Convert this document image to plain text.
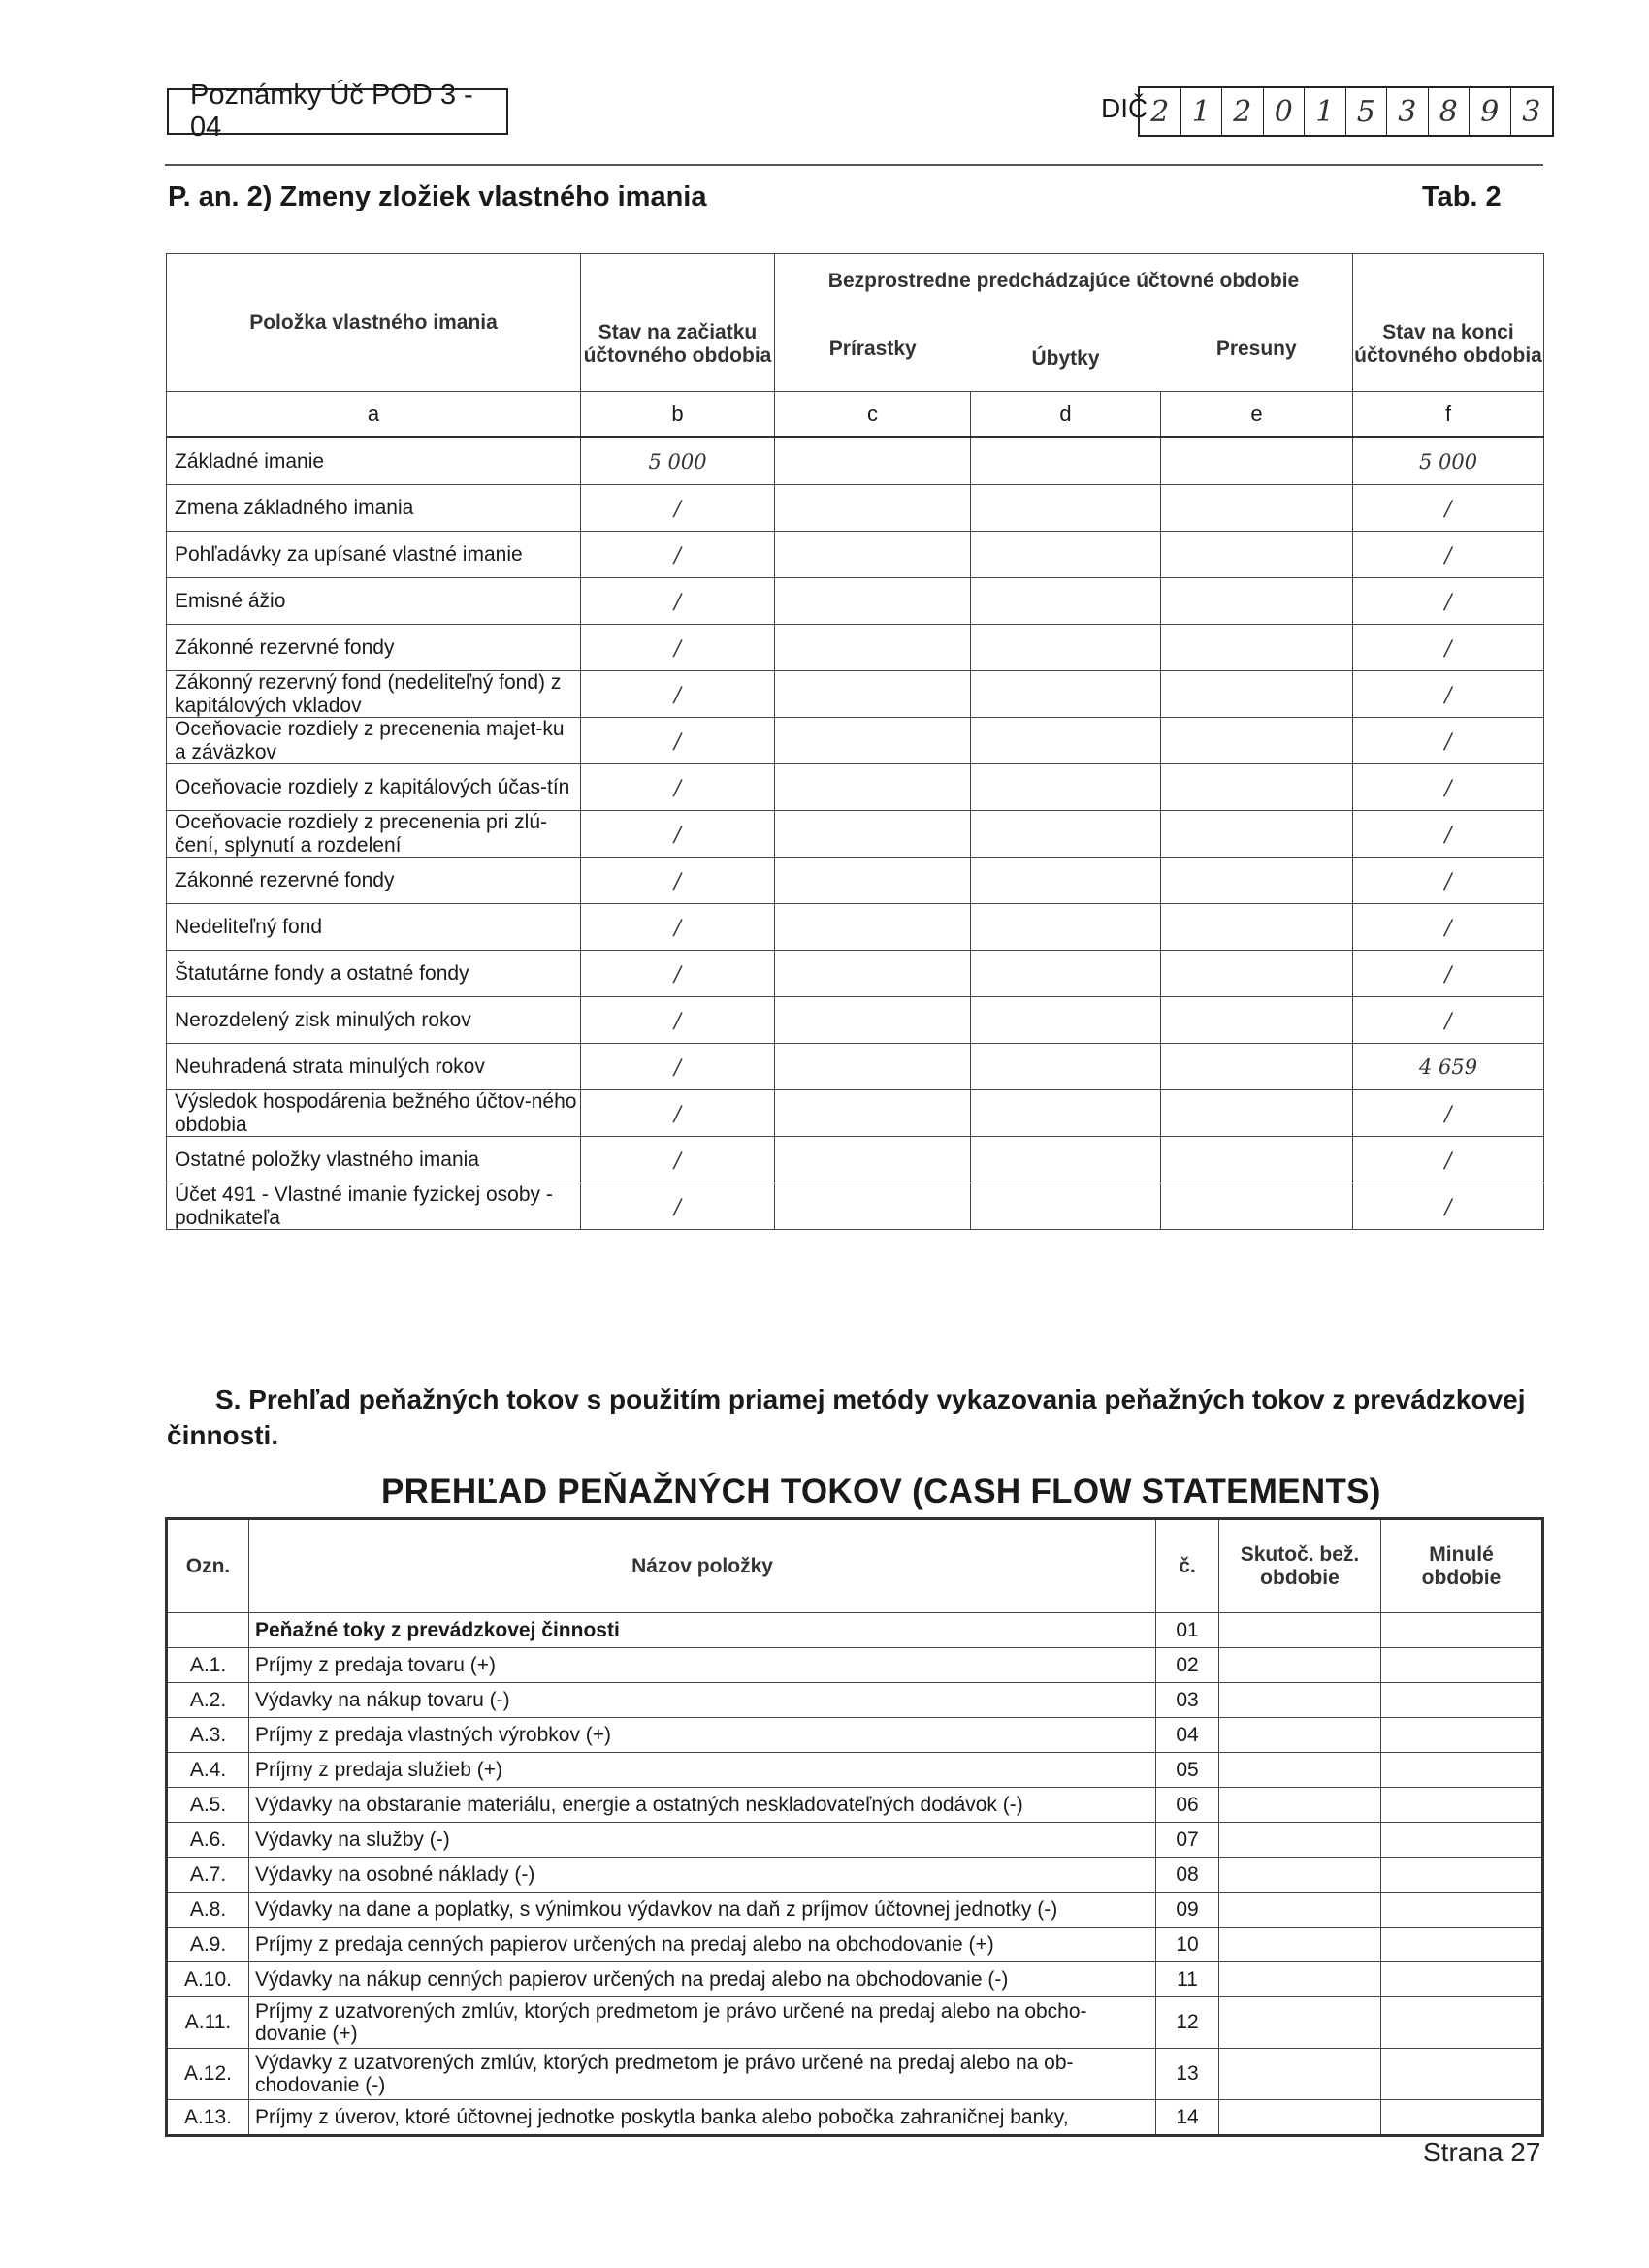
Poznámky Úč POD 3 - 04
DIČ 2 1 2 0 1 5 3 8 9 3
P. an. 2) Zmeny zložiek vlastného imania	Tab. 2
Položka vlastného imania	Stav na začiatku účtovného obdobia	Bezprostredne predchádzajúce účtovné obdobie			Stav na konci účtovného obdobia
		Prírastky	Úbytky	Presuny	
a	b	c	d	e	f
Základné imanie	5 000				5 000
Zmena základného imania	/				/
Pohľadávky za upísané vlastné imanie	/				/
Emisné ážio	/				/
Zákonné rezervné fondy	/				/
Zákonný rezervný fond (nedeliteľný fond) z kapitálových vkladov	/				/
Oceňovacie rozdiely z precenenia majet-ku a záväzkov	/				/
Oceňovacie rozdiely z kapitálových účas-tín	/				/
Oceňovacie rozdiely z precenenia pri zlú-čení, splynutí a rozdelení	/				/
Zákonné rezervné fondy	/				/
Nedeliteľný fond	/				/
Štatutárne fondy a ostatné fondy	/				/
Nerozdelený zisk minulých rokov	/				/
Neuhradená strata minulých rokov	/				4 659
Výsledok hospodárenia bežného účtov-ného obdobia	/				/
Ostatné položky vlastného imania	/				/
Účet 491 - Vlastné imanie fyzickej osoby - podnikateľa	/				/
S. Prehľad peňažných tokov s použitím priamej metódy vykazovania peňažných tokov z prevádzkovej
činnosti.
PREHĽAD PEŇAŽNÝCH TOKOV (CASH FLOW STATEMENTS)
Ozn.	Názov položky	č.	Skutoč. bež. obdobie	Minulé obdobie
	Peňažné toky z prevádzkovej činnosti	01		
A.1.	Príjmy z predaja tovaru (+)	02		
A.2.	Výdavky na nákup tovaru (-)	03		
A.3.	Príjmy z predaja vlastných výrobkov (+)	04		
A.4.	Príjmy z predaja služieb (+)	05		
A.5.	Výdavky na obstaranie materiálu, energie a ostatných neskladovateľných dodávok (-)	06		
A.6.	Výdavky na služby (-)	07		
A.7.	Výdavky na osobné náklady (-)	08		
A.8.	Výdavky na dane a poplatky, s výnimkou výdavkov na daň z príjmov účtovnej jednotky (-)	09		
A.9.	Príjmy z predaja cenných papierov určených na predaj alebo na obchodovanie (+)	10		
A.10.	Výdavky na nákup cenných papierov určených na predaj alebo na obchodovanie (-)	11		
A.11.	Príjmy z uzatvorených zmlúv, ktorých predmetom je právo určené na predaj alebo na obcho-dovanie (+)	12		
A.12.	Výdavky z uzatvorených zmlúv, ktorých predmetom je právo určené na predaj alebo na ob-chodovanie (-)	13		
A.13.	Príjmy z úverov, ktoré účtovnej jednotke poskytla banka alebo pobočka zahraničnej banky,	14		
Strana 27
